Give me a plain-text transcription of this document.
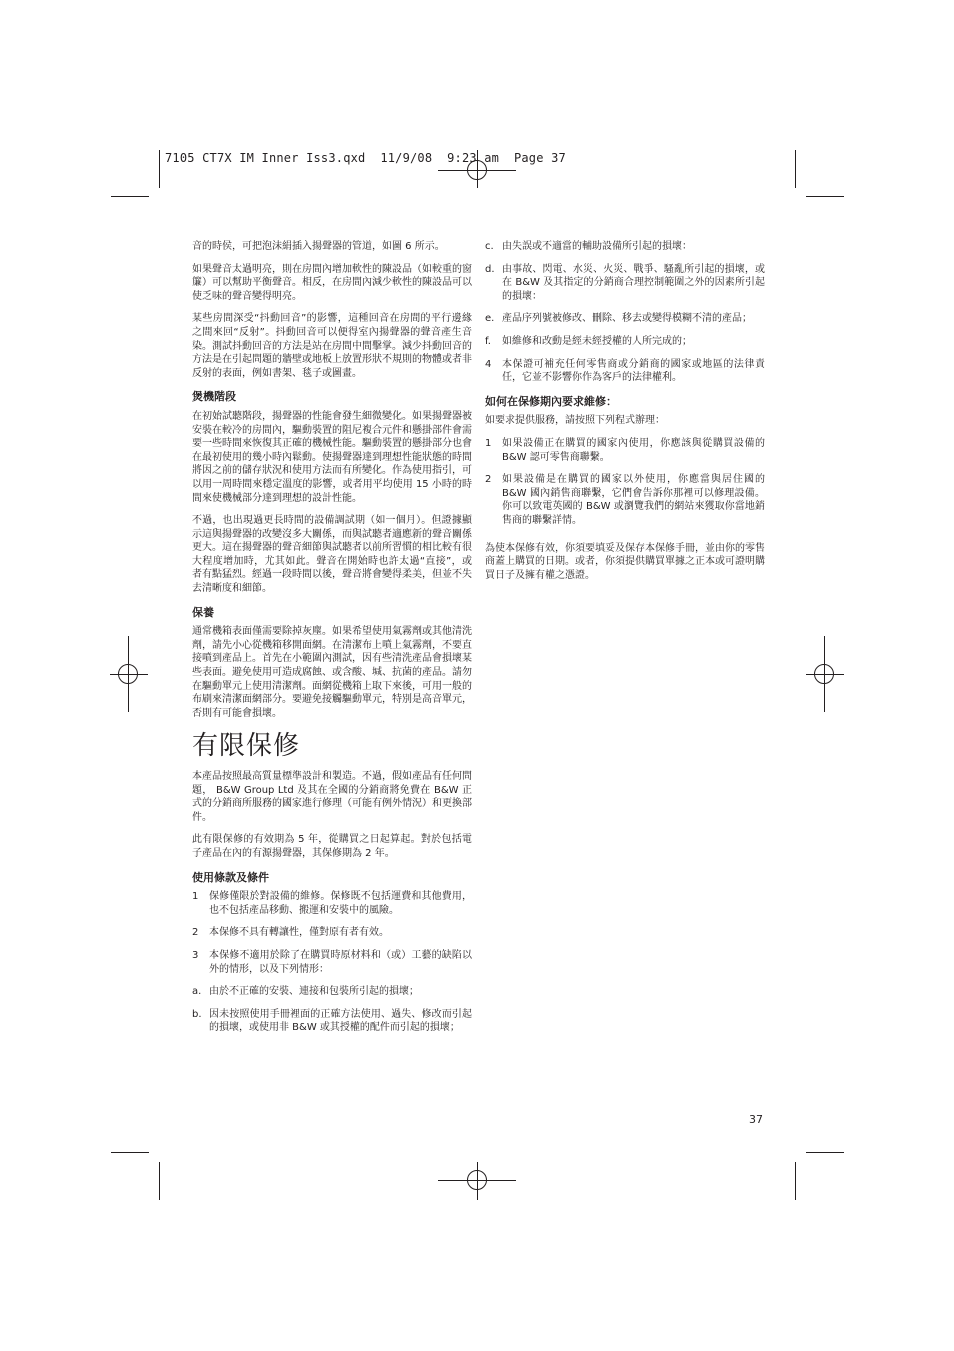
7105 CT7X IM Inner Iss3.qxd  11/9/08  9:23 am  Page 37

音的時侯，可把泡沫絹插入揚聲器的管道，如圖 6 所示。

如果聲音太過明亮，則在房間內增加軟性的陳設品（如較重的窗簾）可以幫助平衡聲音。相反，在房間內減少軟性的陳設品可以使乏味的聲音變得明亮。

某些房間深受“抖動回音”的影響，這種回音在房間的平行邊緣之間來回“反射”。抖動回音可以便得室內揚聲器的聲音產生音染。測試抖動回音的方法是站在房間中間擊掌。減少抖動回音的方法是在引起問題的牆壁或地板上放置形狀不規則的物體或者非反射的表面，例如書架、毯子或圖畫。

煲機階段

在初始試聽階段，揚聲器的性能會發生細微變化。如果揚聲器被安裝在較冷的房間內，驅動裝置的阻尼複合元件和懸掛部件會需要一些時間來恢復其正確的機械性能。驅動裝置的懸掛部分也會在最初使用的幾小時內鬆動。使揚聲器達到理想性能狀態的時間將因之前的儲存狀況和使用方法而有所變化。作為使用指引，可以用一周時間來穩定溫度的影響，或者用平均使用 15 小時的時間來使機械部分達到理想的設計性能。

不過，也出現過更長時間的設備調試期（如一個月）。但證據顯示這與揚聲器的改變沒多大關係，而與試聽者適應新的聲音關係更大。這在揚聲器的聲音細節與試聽者以前所習慣的相比較有很大程度增加時，尤其如此。聲音在開始時也許太過“直接”，或者有點猛烈。經過一段時間以後，聲音將會變得柔美，但並不失去清晰度和細節。

保養

通常機箱表面僅需要除掉灰塵。如果希望使用氣霧劑或其他清洗劑，請先小心從機箱移開面網。在清潔布上噴上氣霧劑，不要直接噴到產品上。首先在小範圍內測試，因有些清洗產品會損壞某些表面。避免使用可造成腐蝕、或含酸、堿、抗菌的產品。請勿在驅動單元上使用清潔劑。面網從機箱上取下來後，可用一般的布刷來清潔面網部分。要避免接觸驅動單元，特別是高音單元，否則有可能會損壞。

有限保修

本產品按照最高質量標準設計和製造。不過，假如產品有任何問題， B&W Group Ltd 及其在全國的分銷商將免費在 B&W 正式的分銷商所服務的國家進行修理（可能有例外情況）和更換部件。

此有限保修的有效期為 5 年，從購買之日起算起。對於包括電子產品在內的有源揚聲器，其保修期為 2 年。

使用條款及條件
1	保修僅限於對設備的維修。保修既不包括運費和其他費用，也不包括產品移動、搬運和安裝中的風險。
2	本保修不具有轉讓性，僅對原有者有效。
3	本保修不適用於除了在購買時原材料和（或）工藝的缺陷以外的情形，以及下列情形：
a. 由於不正確的安裝、連接和包裝所引起的損壞；
b. 因未按照使用手冊裡面的正確方法使用、過失、修改而引起的損壞，或使用非 B&W 或其授權的配件而引起的損壞；
c. 由失誤或不適當的輔助設備所引起的損壞：
d. 由事故、閃電、水災、火災、戰爭、騷亂所引起的損壞，或在 B&W 及其指定的分銷商合理控制範圍之外的因素所引起的損壞：
e. 產品序列號被修改、刪除、移去或變得模糊不清的產品；
f.	如維修和改動是經未經授權的人所完成的；
4	本保證可補充任何零售商或分銷商的國家或地區的法律責任，它並不影響你作為客戶的法律權利。
如何在保修期內要求維修：

如要求提供服務，請按照下列程式辦理：

1	如果設備正在購買的國家內使用，你應該與從購買設備的 B&W 認可零售商聯繫。
2	如果設備是在購買的國家以外使用，你應當與居住國的 B&W 國內銷售商聯繫，它們會告訴你那裡可以修理設備。你可以致電英國的 B&W 或瀏覽我們的網站來獲取你當地銷售商的聯繫詳情。

為使本保修有效，你須要填妥及保存本保修手冊，並由你的零售商蓋上購買的日期。或者，你須提供購買單據之正本或可證明購買日子及擁有權之憑證。

37
